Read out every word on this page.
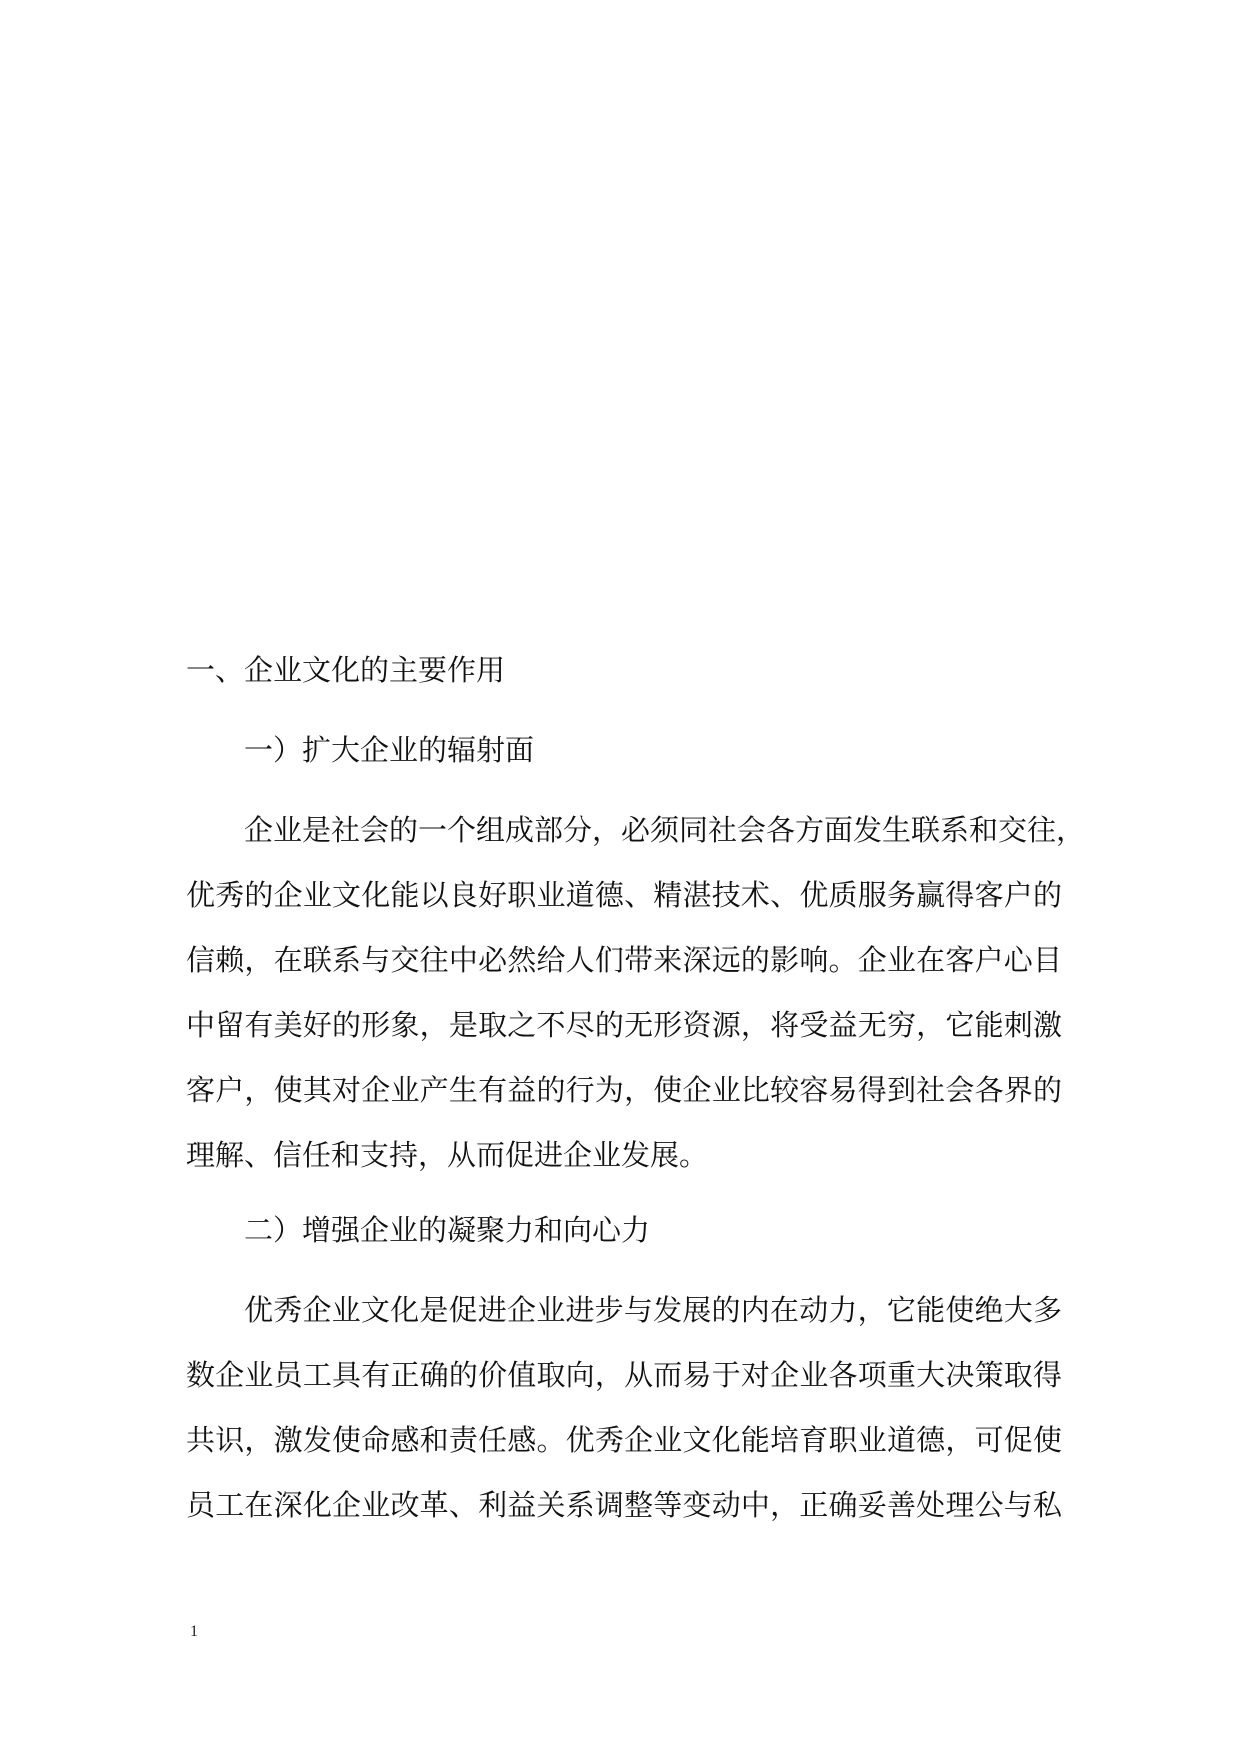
一、企业文化的主要作用
一）扩大企业的辐射面
企业是社会的一个组成部分，必须同社会各方面发生联系和交往，
优秀的企业文化能以良好职业道德、精湛技术、优质服务赢得客户的
信赖，在联系与交往中必然给人们带来深远的影响。企业在客户心目
中留有美好的形象，是取之不尽的无形资源，将受益无穷，它能刺激
客户，使其对企业产生有益的行为，使企业比较容易得到社会各界的
理解、信任和支持，从而促进企业发展。
二）增强企业的凝聚力和向心力
优秀企业文化是促进企业进步与发展的内在动力，它能使绝大多
数企业员工具有正确的价值取向，从而易于对企业各项重大决策取得
共识，激发使命感和责任感。优秀企业文化能培育职业道德，可促使
员工在深化企业改革、利益关系调整等变动中，正确妥善处理公与私
1
